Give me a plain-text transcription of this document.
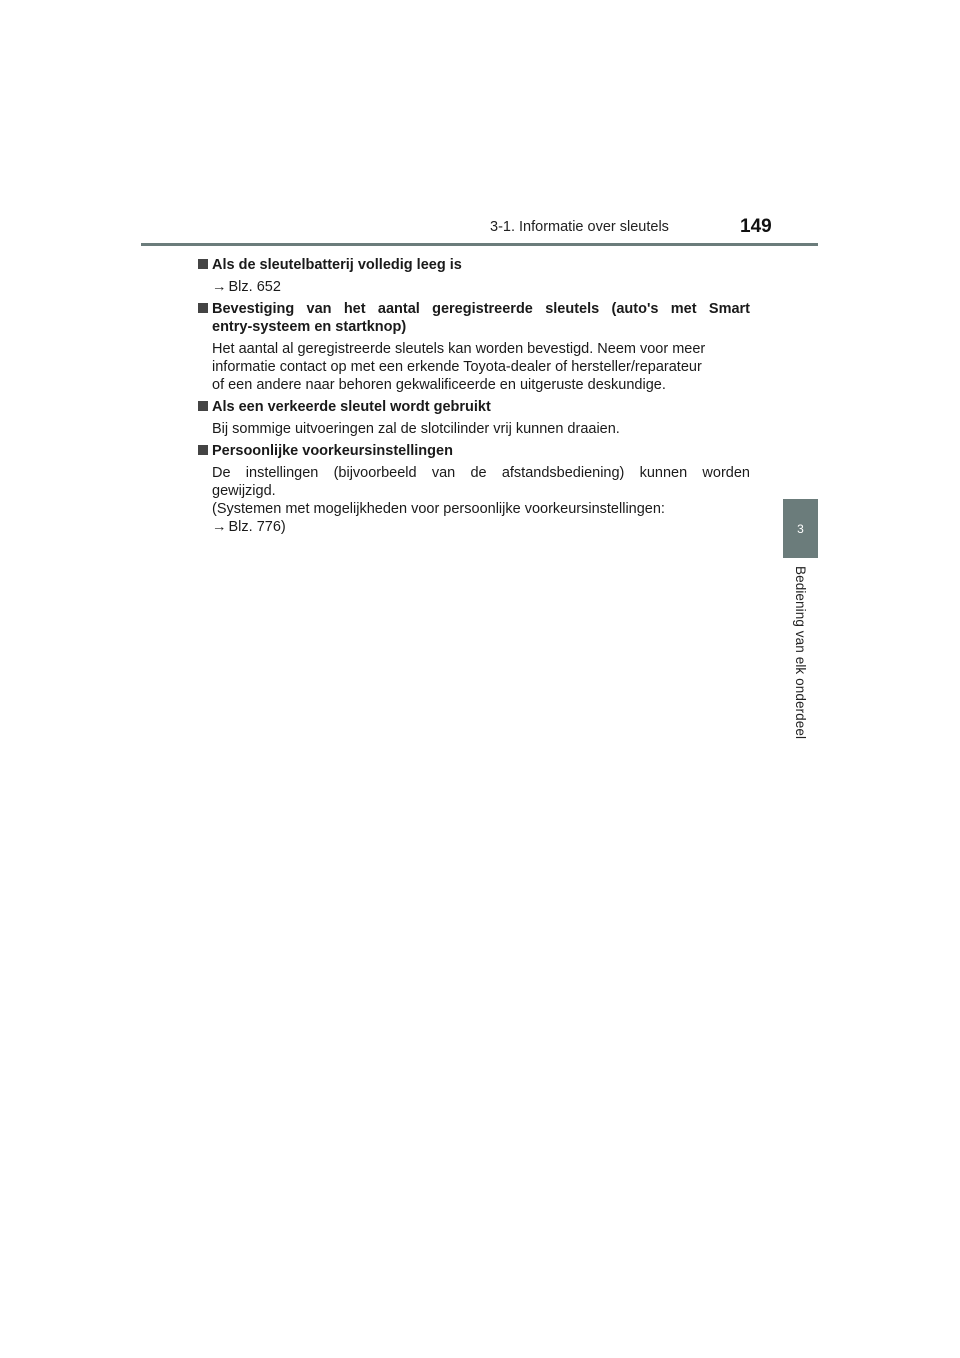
3-1. Informatie over sleutels	149
3
Bediening van elk onderdeel
Als de sleutelbatterij volledig leeg is
→ Blz. 652
Bevestiging van het aantal geregistreerde sleutels (auto's met Smart
entry-systeem en startknop)
Het aantal al geregistreerde sleutels kan worden bevestigd. Neem voor meer
informatie contact op met een erkende Toyota-dealer of hersteller/reparateur
of een andere naar behoren gekwalificeerde en uitgeruste deskundige.
Als een verkeerde sleutel wordt gebruikt
Bij sommige uitvoeringen zal de slotcilinder vrij kunnen draaien.
Persoonlijke voorkeursinstellingen
De instellingen (bijvoorbeeld van de afstandsbediening) kunnen worden
gewijzigd.
(Systemen met mogelijkheden voor persoonlijke voorkeursinstellingen:
→ Blz. 776)
